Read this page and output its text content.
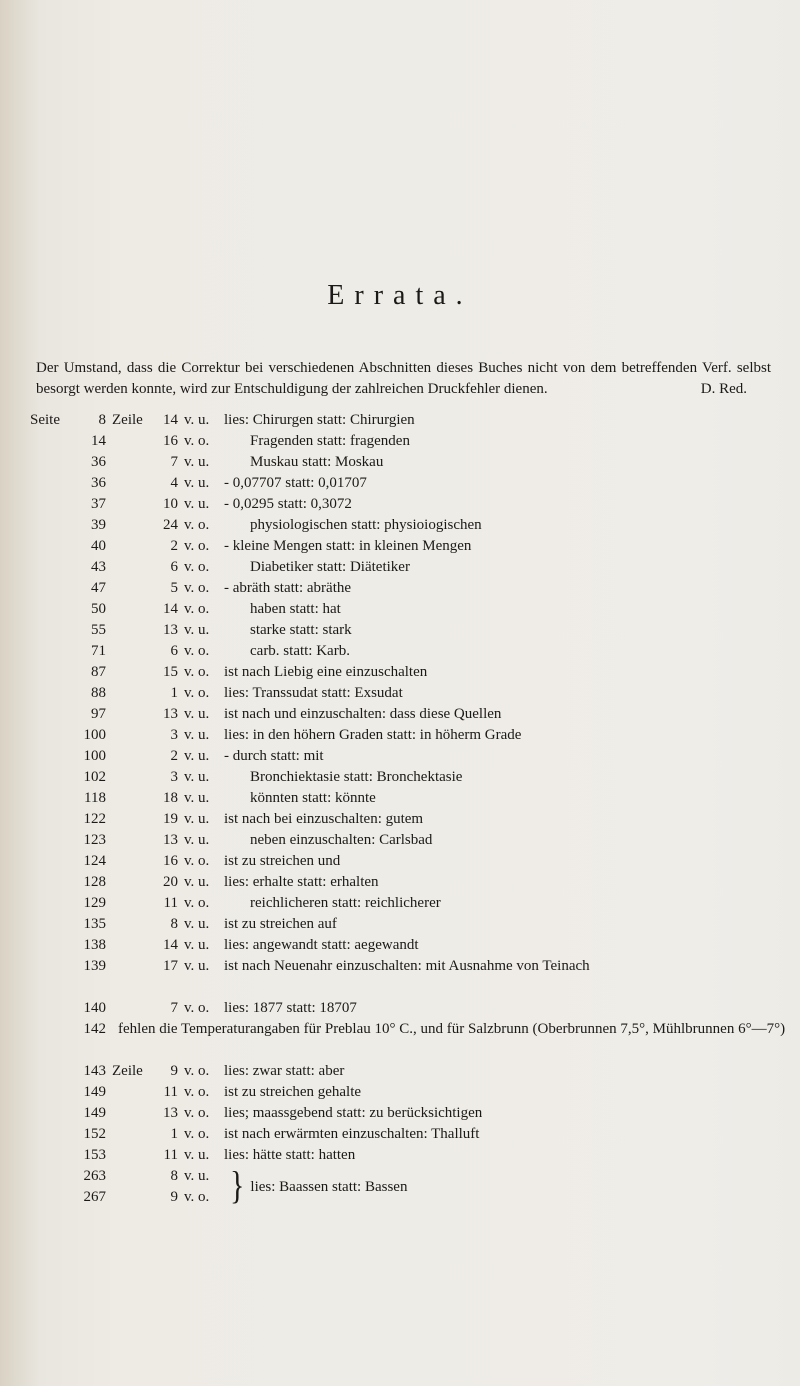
Errata.
Der Umstand, dass die Correktur bei verschiedenen Abschnitten dieses Buches nicht von dem betreffenden Verf. selbst besorgt werden konnte, wird zur Entschuldigung der zahlreichen Druckfehler dienen.	D. Red.
Seite	8 Zeile	14 v. u. lies: Chirurgen statt: Chirurgien
14	16 v. o.	Fragenden statt: fragenden
36	7 v. u.	Muskau statt: Moskau
36	4 v. u. - 0,07707 statt: 0,01707
37	10 v. u. - 0,0295 statt: 0,3072
39	24 v. o.	physiologischen statt: physioiogischen
40	2 v. o. - kleine Mengen statt: in kleinen Mengen
43	6 v. o.	Diabetiker statt: Diätetiker
47	5 v. o. - abräth statt: abräthe
50	14 v. o.	haben statt: hat
55	13 v. u.	starke statt: stark
71	6 v. o.	carb. statt: Karb.
87	15 v. o. ist nach Liebig eine einzuschalten
88	1 v. o. lies: Transsudat statt: Exsudat
97	13 v. u. ist nach und einzuschalten: dass diese Quellen
100	3 v. u. lies: in den höhern Graden statt: in höherm Grade
100	2 v. u. - durch statt: mit
102	3 v. u.	Bronchiektasie statt: Bronchektasie
118	18 v. u.	könnten statt: könnte
122	19 v. u. ist nach bei einzuschalten: gutem
123	13 v. u.	neben einzuschalten: Carlsbad
124	16 v. o. ist zu streichen und
128	20 v. u. lies: erhalte statt: erhalten
129	11 v. o.	reichlicheren statt: reichlicherer
135	8 v. u. ist zu streichen auf
138	14 v. u. lies: angewandt statt: aegewandt
139	17 v. u. ist nach Neuenahr einzuschalten: mit Ausnahme von Teinach
140	7 v. o. lies: 1877 statt: 18707
142 fehlen die Temperaturangaben für Preblau 10° C., und für Salzbrunn (Oberbrunnen 7,5°, Mühlbrunnen 6°—7°)
143 Zeile	9 v. o. lies: zwar statt: aber
149	11 v. o. ist zu streichen gehalte
149	13 v. o. lies; maassgebend statt: zu berücksichtigen
152	1 v. o. ist nach erwärmten einzuschalten: Thalluft
153	11 v. u. lies: hätte statt: hatten
263	8 v. u.
267	9 v. o. } lies: Baassen statt: Bassen
